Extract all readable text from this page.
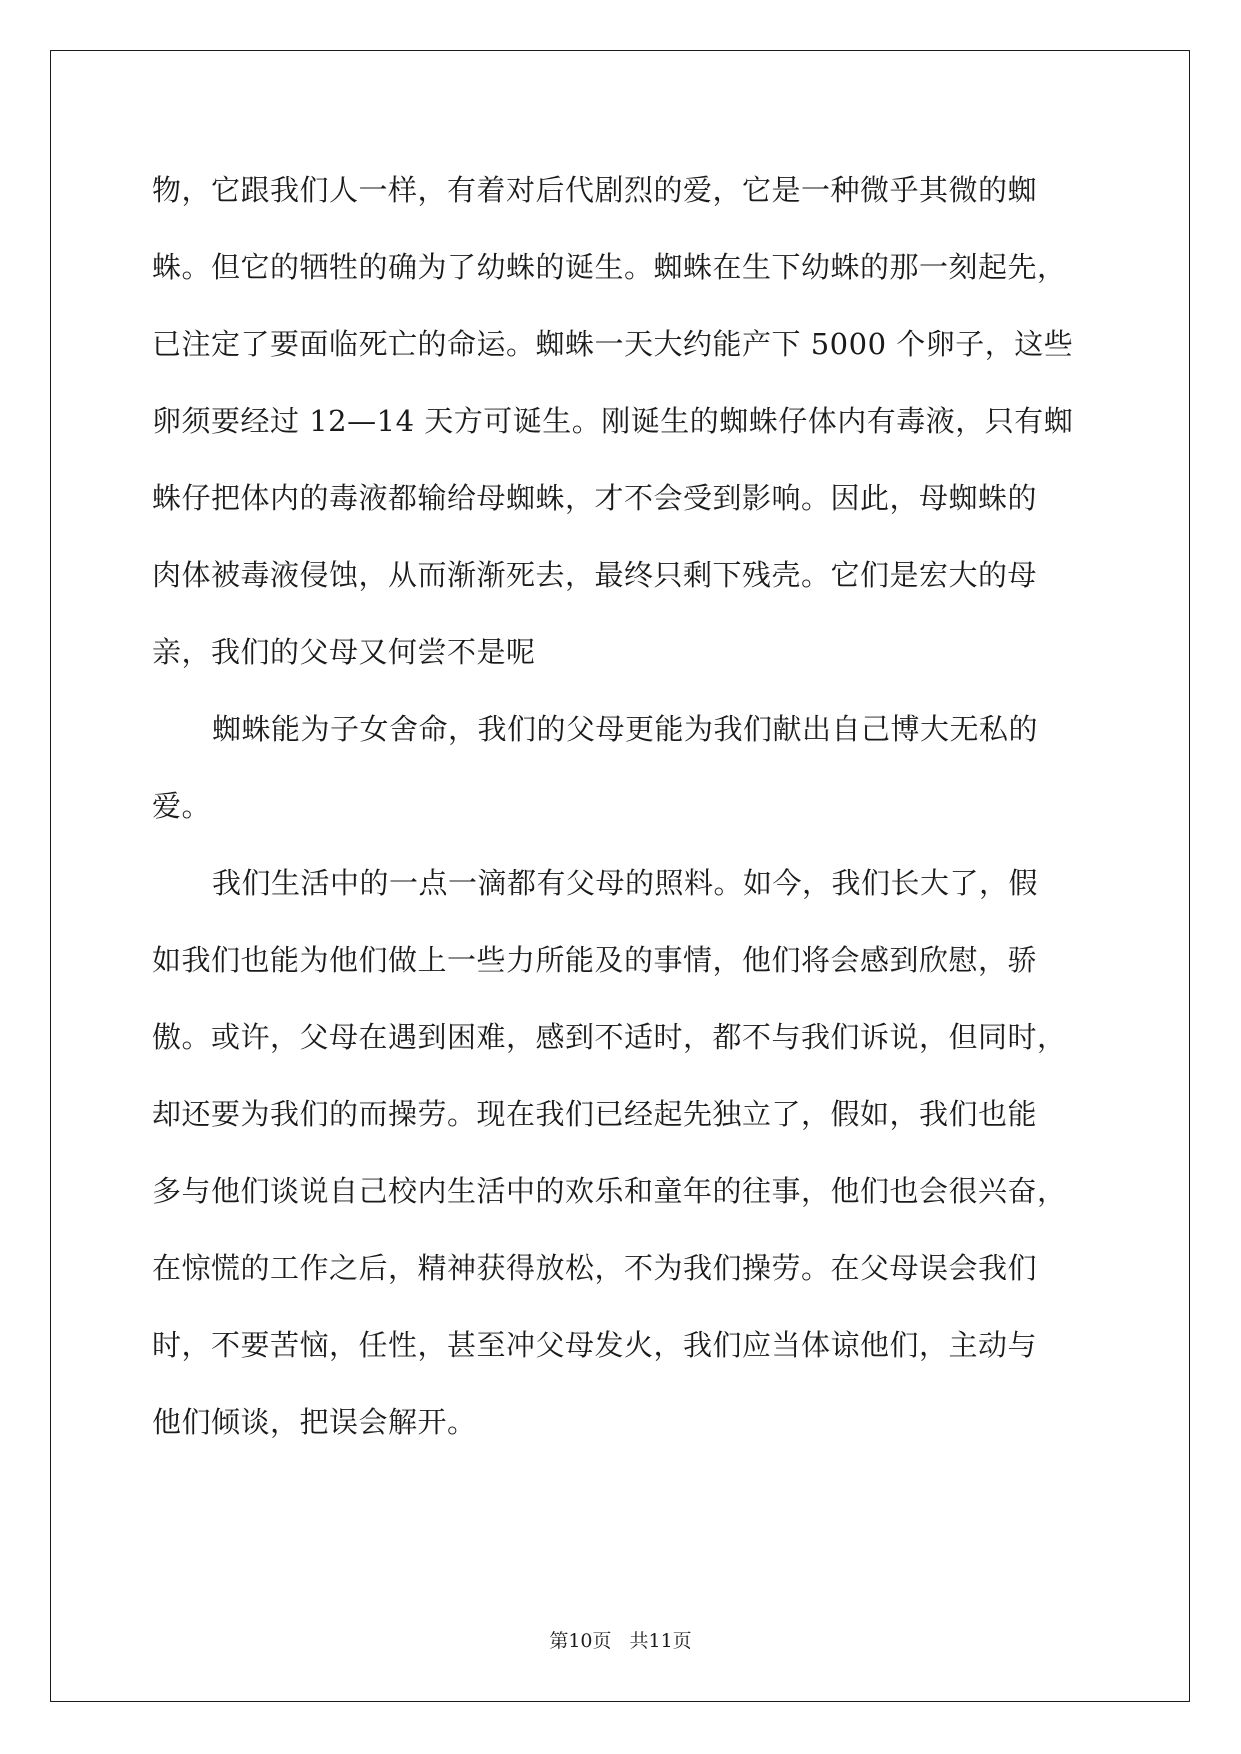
物，它跟我们人一样，有着对后代剧烈的爱，它是一种微乎其微的蜘
蛛。但它的牺牲的确为了幼蛛的诞生。蜘蛛在生下幼蛛的那一刻起先，
已注定了要面临死亡的命运。蜘蛛一天大约能产下 5000 个卵子，这些
卵须要经过 12—14 天方可诞生。刚诞生的蜘蛛仔体内有毒液，只有蜘
蛛仔把体内的毒液都输给母蜘蛛，才不会受到影响。因此，母蜘蛛的
肉体被毒液侵蚀，从而渐渐死去，最终只剩下残壳。它们是宏大的母
亲，我们的父母又何尝不是呢
蜘蛛能为子女舍命，我们的父母更能为我们献出自己博大无私的
爱。
我们生活中的一点一滴都有父母的照料。如今，我们长大了，假
如我们也能为他们做上一些力所能及的事情，他们将会感到欣慰，骄
傲。或许，父母在遇到困难，感到不适时，都不与我们诉说，但同时，
却还要为我们的而操劳。现在我们已经起先独立了，假如，我们也能
多与他们谈说自己校内生活中的欢乐和童年的往事，他们也会很兴奋，
在惊慌的工作之后，精神获得放松，不为我们操劳。在父母误会我们
时，不要苦恼，任性，甚至冲父母发火，我们应当体谅他们，主动与
他们倾谈，把误会解开。
第10页 共11页
